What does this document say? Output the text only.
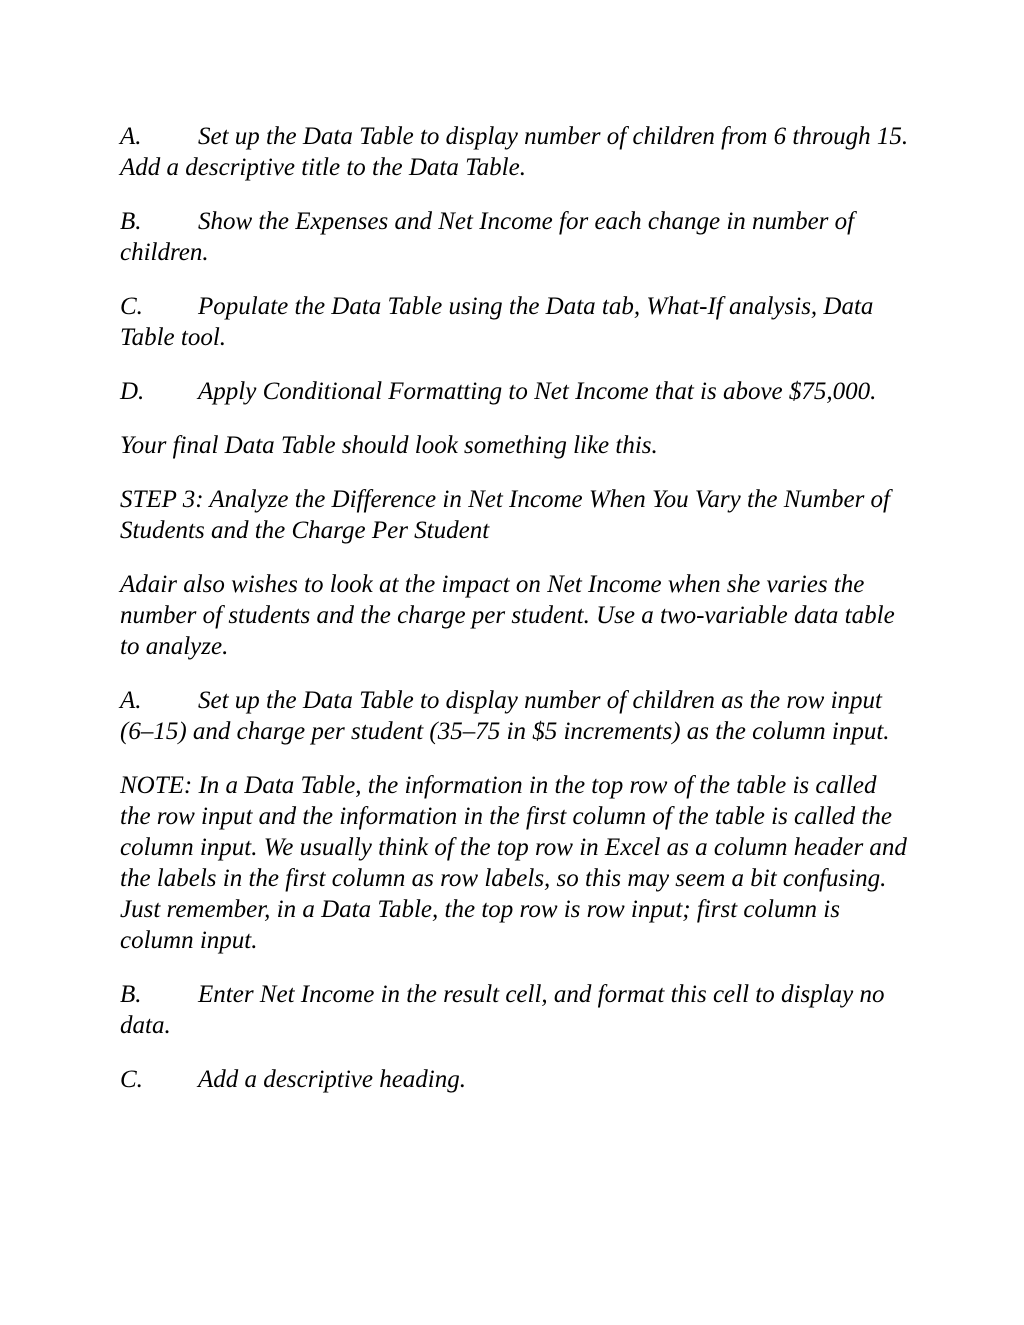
A. Set up the Data Table to display number of children from 6 through 15. Add a descriptive title to the Data Table.

B. Show the Expenses and Net Income for each change in number of children.

C. Populate the Data Table using the Data tab, What-If analysis, Data Table tool.

D. Apply Conditional Formatting to Net Income that is above $75,000.

Your final Data Table should look something like this.

STEP 3: Analyze the Difference in Net Income When You Vary the Number of Students and the Charge Per Student

Adair also wishes to look at the impact on Net Income when she varies the number of students and the charge per student. Use a two-variable data table to analyze.

A. Set up the Data Table to display number of children as the row input (6–15) and charge per student (35–75 in $5 increments) as the column input.

NOTE: In a Data Table, the information in the top row of the table is called the row input and the information in the first column of the table is called the column input. We usually think of the top row in Excel as a column header and the labels in the first column as row labels, so this may seem a bit confusing. Just remember, in a Data Table, the top row is row input; first column is column input.

B. Enter Net Income in the result cell, and format this cell to display no data.

C. Add a descriptive heading.
